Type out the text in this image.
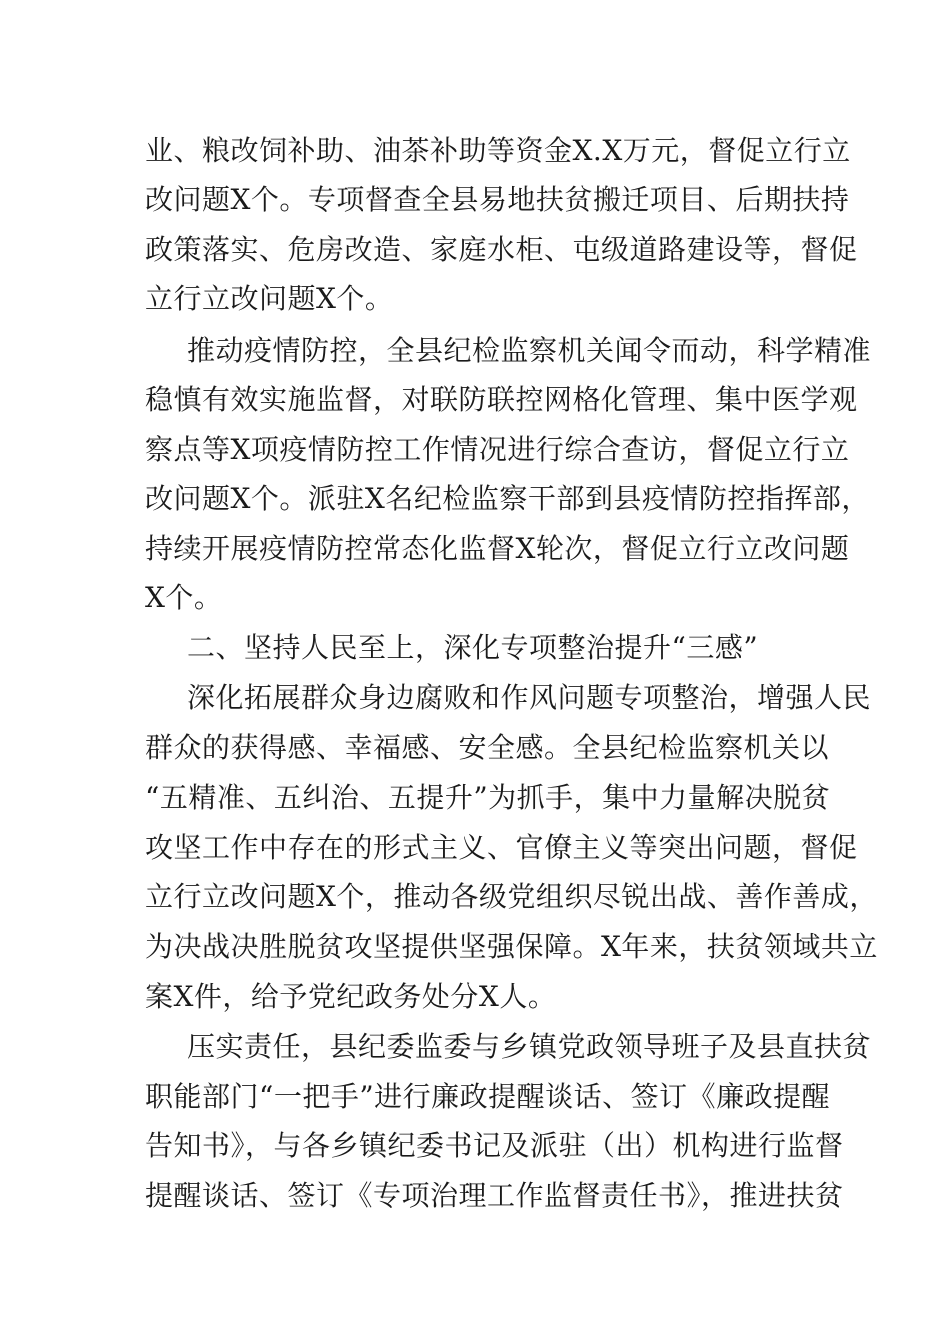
业、粮改饲补助、油茶补助等资金X.X万元，督促立行立
改问题X个。专项督查全县易地扶贫搬迁项目、后期扶持
政策落实、危房改造、家庭水柜、屯级道路建设等，督促
立行立改问题X个。
推动疫情防控，全县纪检监察机关闻令而动，科学精准
稳慎有效实施监督，对联防联控网格化管理、集中医学观
察点等X项疫情防控工作情况进行综合查访，督促立行立
改问题X个。派驻X名纪检监察干部到县疫情防控指挥部，
持续开展疫情防控常态化监督X轮次，督促立行立改问题
X个。
二、坚持人民至上，深化专项整治提升“三感”
深化拓展群众身边腐败和作风问题专项整治，增强人民
群众的获得感、幸福感、安全感。全县纪检监察机关以
“五精准、五纠治、五提升”为抓手，集中力量解决脱贫
攻坚工作中存在的形式主义、官僚主义等突出问题，督促
立行立改问题X个，推动各级党组织尽锐出战、善作善成，
为决战决胜脱贫攻坚提供坚强保障。X年来，扶贫领域共立
案X件，给予党纪政务处分X人。
压实责任，县纪委监委与乡镇党政领导班子及县直扶贫
职能部门“一把手”进行廉政提醒谈话、签订《廉政提醒
告知书》，与各乡镇纪委书记及派驻（出）机构进行监督
提醒谈话、签订《专项治理工作监督责任书》，推进扶贫
